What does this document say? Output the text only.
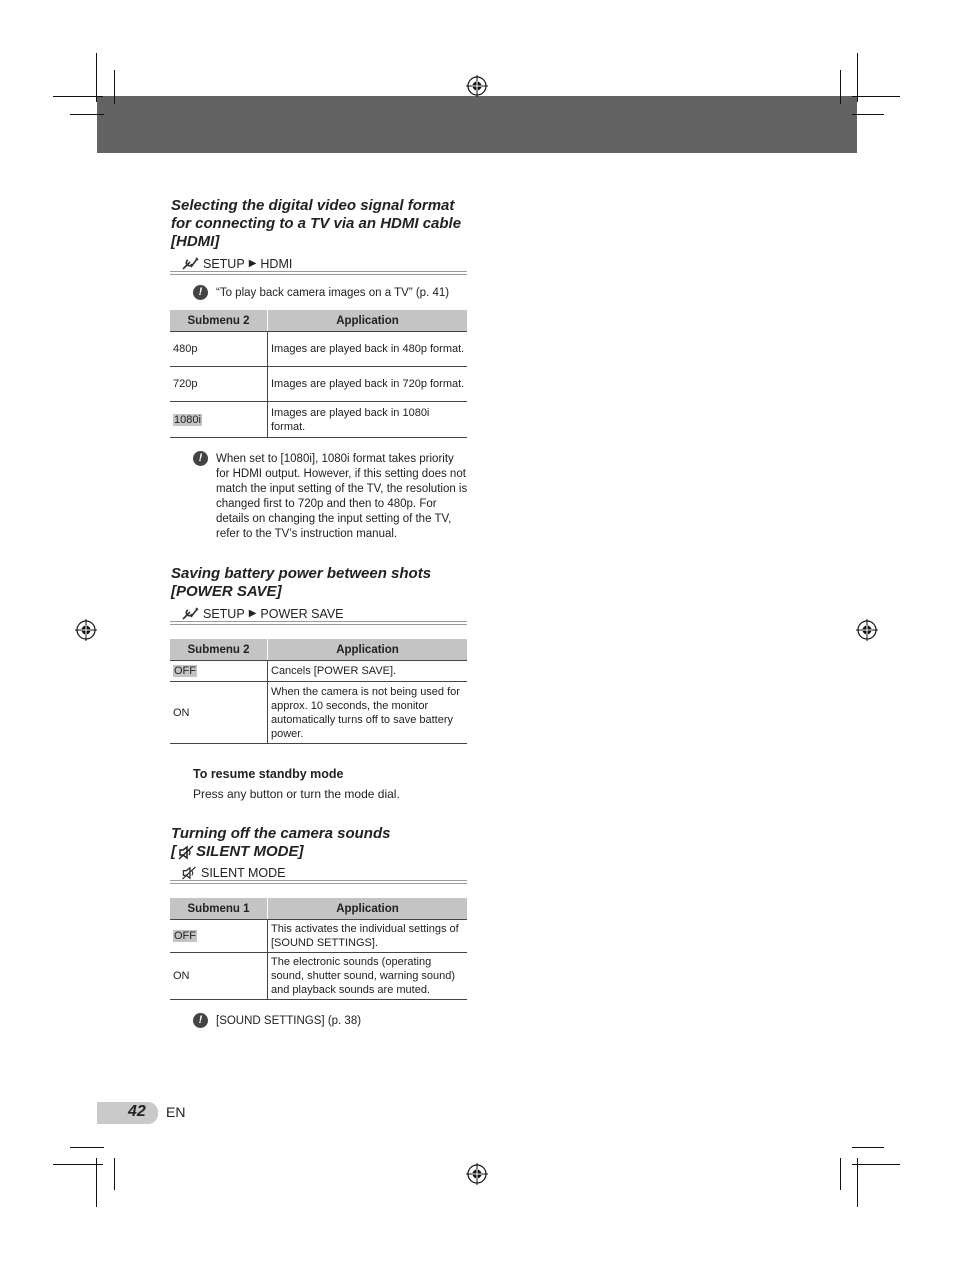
Selecting the digital video signal format
for connecting to a TV via an HDMI cable
[HDMI]
SETUP ▶ HDMI
!	“To play back camera images on a TV” (p. 41)
Submenu 2	Application
480p	Images are played back in 480p format.
720p	Images are played back in 720p format.
1080i	Images are played back in 1080i format.
!	When set to [1080i], 1080i format takes priority for HDMI output. However, if this setting does not match the input setting of the TV, the resolution is changed first to 720p and then to 480p. For details on changing the input setting of the TV, refer to the TV’s instruction manual.
Saving battery power between shots
[POWER SAVE]
SETUP ▶ POWER SAVE
Submenu 2	Application
OFF	Cancels [POWER SAVE].
ON	When the camera is not being used for approx. 10 seconds, the monitor automatically turns off to save battery power.
To resume standby mode
Press any button or turn the mode dial.
Turning off the camera sounds
[ SILENT MODE]
SILENT MODE
Submenu 1	Application
OFF	This activates the individual settings of [SOUND SETTINGS].
ON	The electronic sounds (operating sound, shutter sound, warning sound) and playback sounds are muted.
!	[SOUND SETTINGS] (p. 38)
42 EN
